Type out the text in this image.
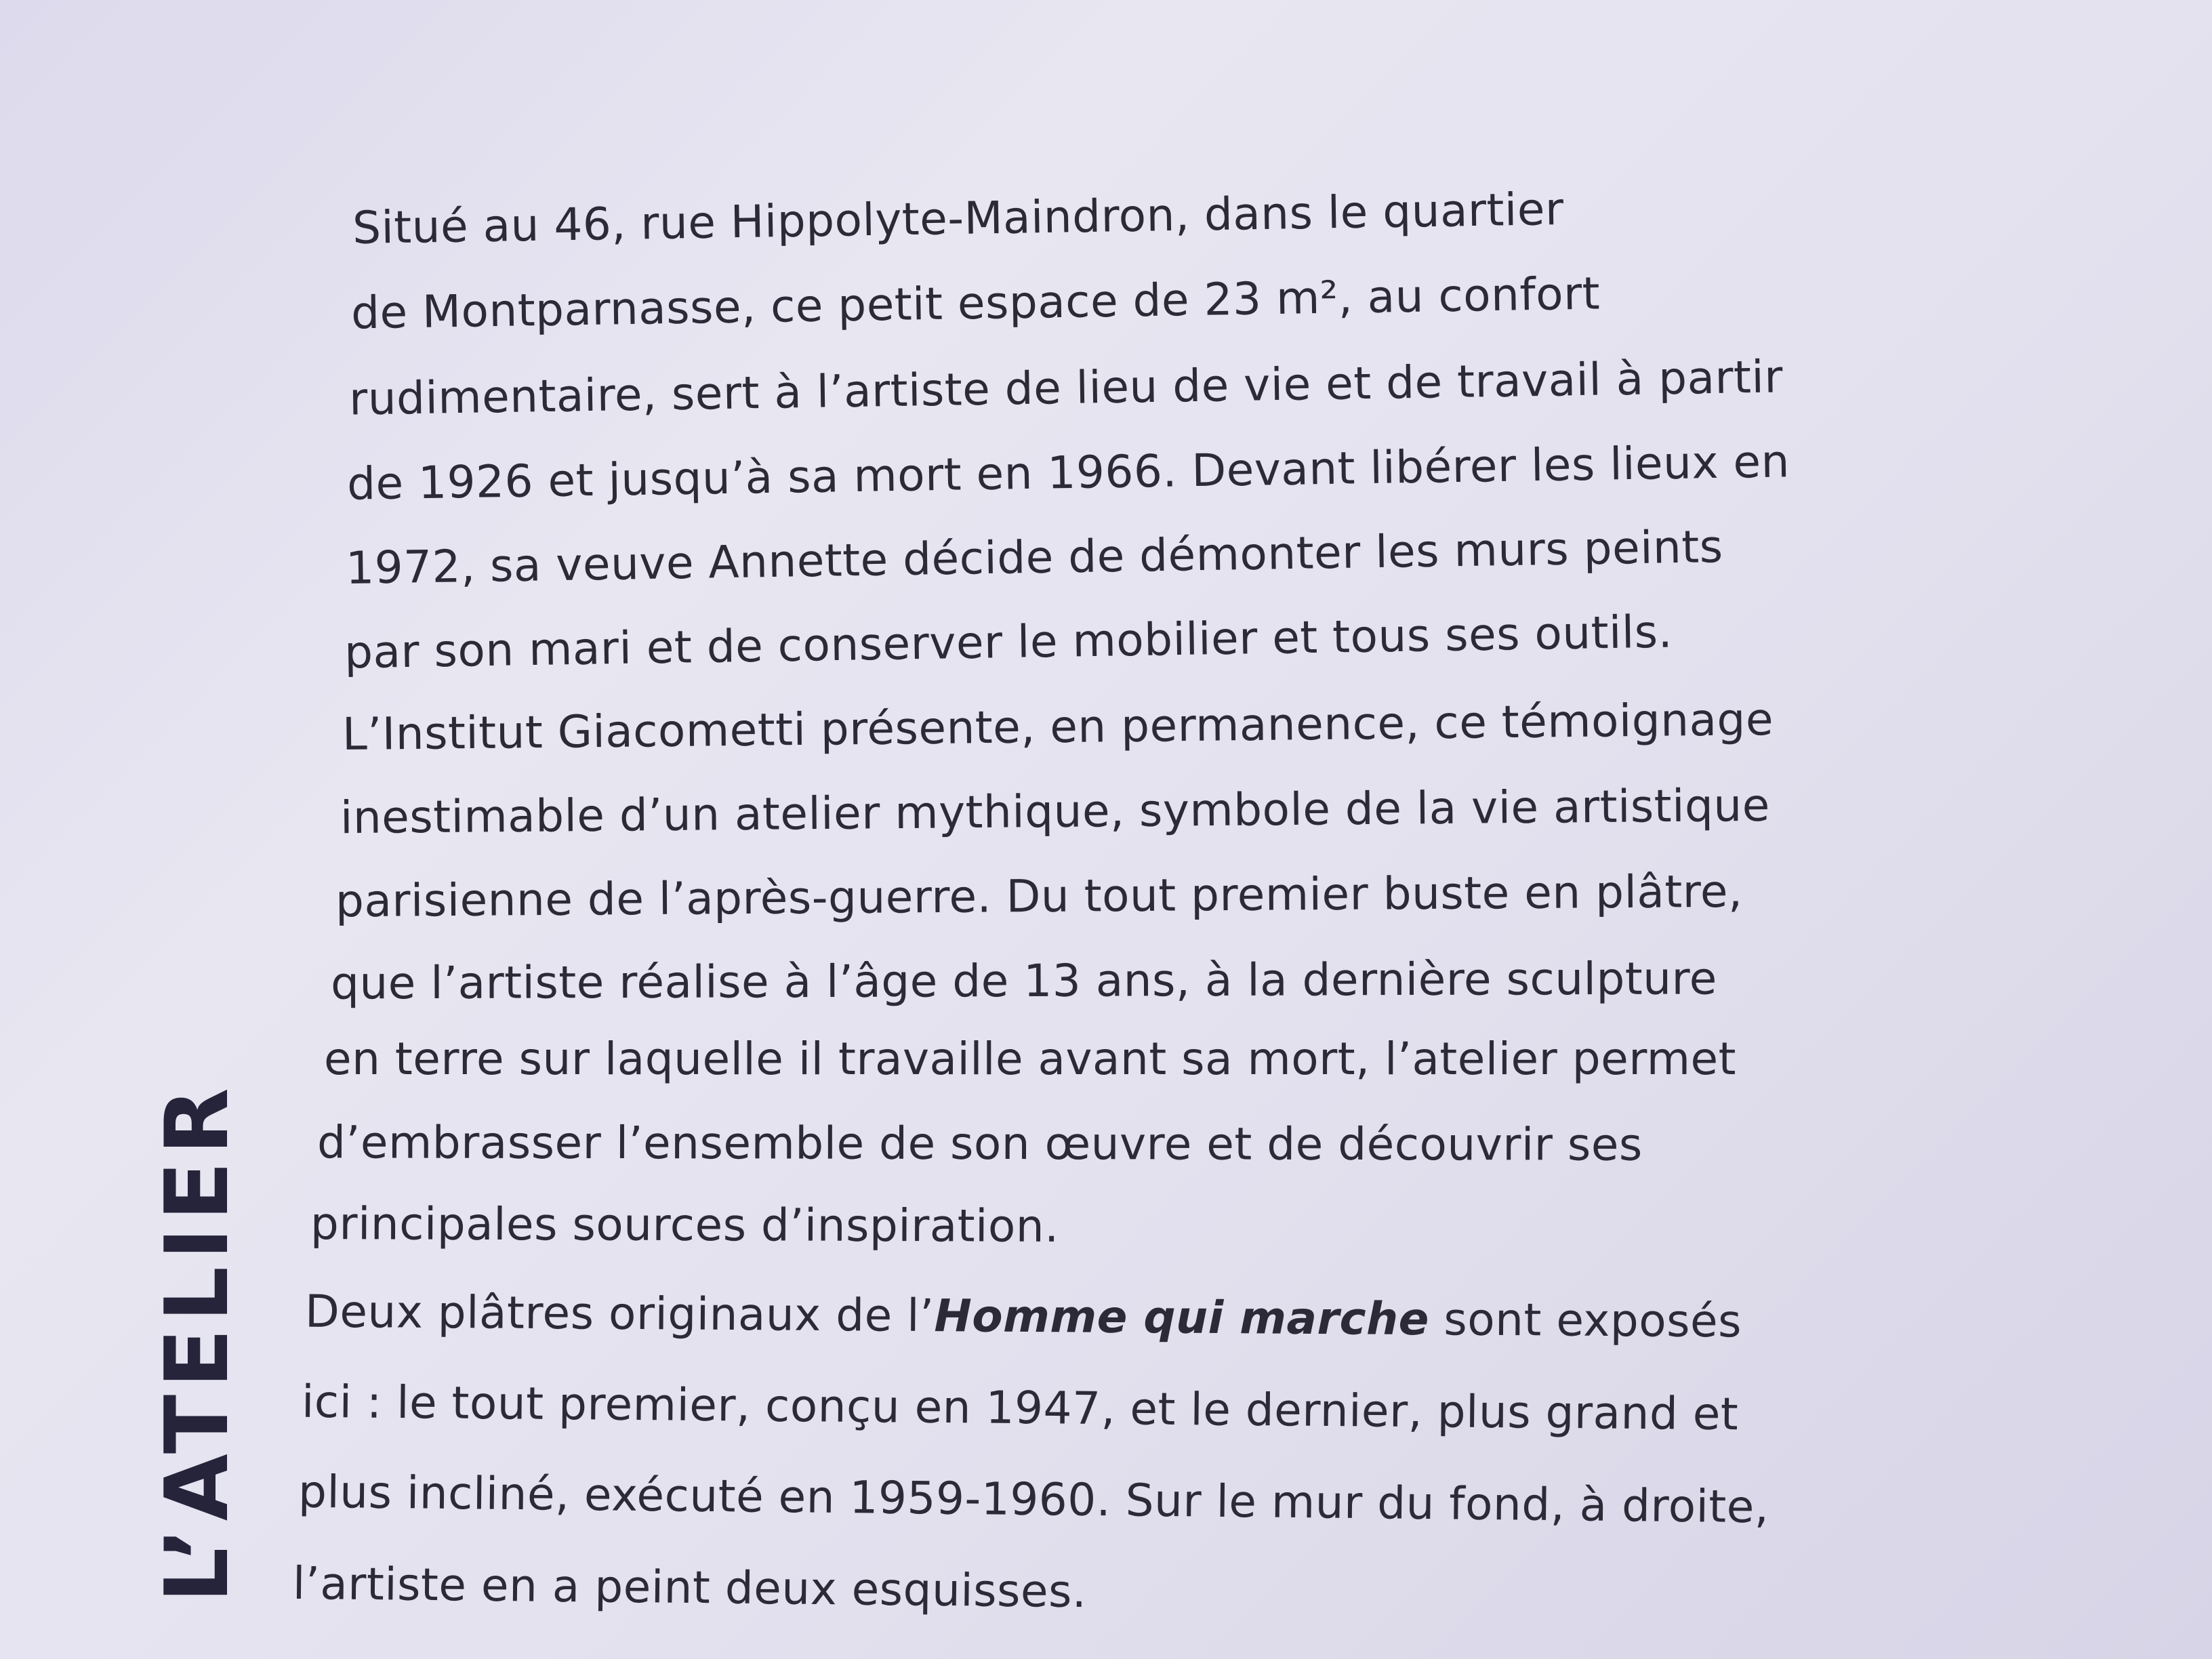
L’ATELIER
Situé au 46, rue Hippolyte-Maindron, dans le quartier
de Montparnasse, ce petit espace de 23 m², au confort
rudimentaire, sert à l’artiste de lieu de vie et de travail à partir
de 1926 et jusqu’à sa mort en 1966. Devant libérer les lieux en
1972, sa veuve Annette décide de démonter les murs peints
par son mari et de conserver le mobilier et tous ses outils.
L’Institut Giacometti présente, en permanence, ce témoignage
inestimable d’un atelier mythique, symbole de la vie artistique
parisienne de l’après-guerre. Du tout premier buste en plâtre,
que l’artiste réalise à l’âge de 13 ans, à la dernière sculpture
en terre sur laquelle il travaille avant sa mort, l’atelier permet
d’embrasser l’ensemble de son œuvre et de découvrir ses
principales sources d’inspiration.
Deux plâtres originaux de l’Homme qui marche sont exposés
ici : le tout premier, conçu en 1947, et le dernier, plus grand et
plus incliné, exécuté en 1959-1960. Sur le mur du fond, à droite,
l’artiste en a peint deux esquisses.
